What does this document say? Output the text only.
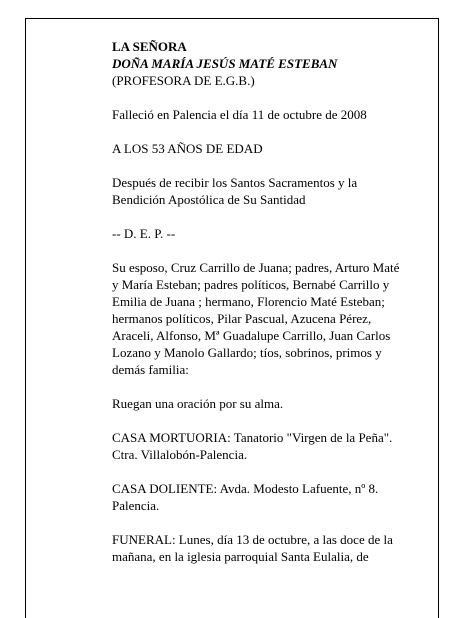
LA SEÑORA
DOÑA MARÍA JESÚS MATÉ ESTEBAN
(PROFESORA DE E.G.B.)

Falleció en Palencia el día 11 de octubre de 2008

A LOS 53 AÑOS DE EDAD

Después de recibir los Santos Sacramentos y la
Bendición Apostólica de Su Santidad

-- D. E. P. --

Su esposo, Cruz Carrillo de Juana; padres, Arturo Maté
y María Esteban; padres políticos, Bernabé Carrillo y
Emilia de Juana ; hermano, Florencio Maté Esteban;
hermanos políticos, Pilar Pascual, Azucena Pérez,
Araceli, Alfonso, Mª Guadalupe Carrillo, Juan Carlos
Lozano y Manolo Gallardo; tíos, sobrinos, primos y
demás familia:

Ruegan una oración por su alma.

CASA MORTUORIA: Tanatorio "Virgen de la Peña".
Ctra. Villalobón-Palencia.

CASA DOLIENTE: Avda. Modesto Lafuente, nº 8.
Palencia.

FUNERAL: Lunes, día 13 de octubre, a las doce de la
mañana, en la iglesia parroquial Santa Eulalia, de
